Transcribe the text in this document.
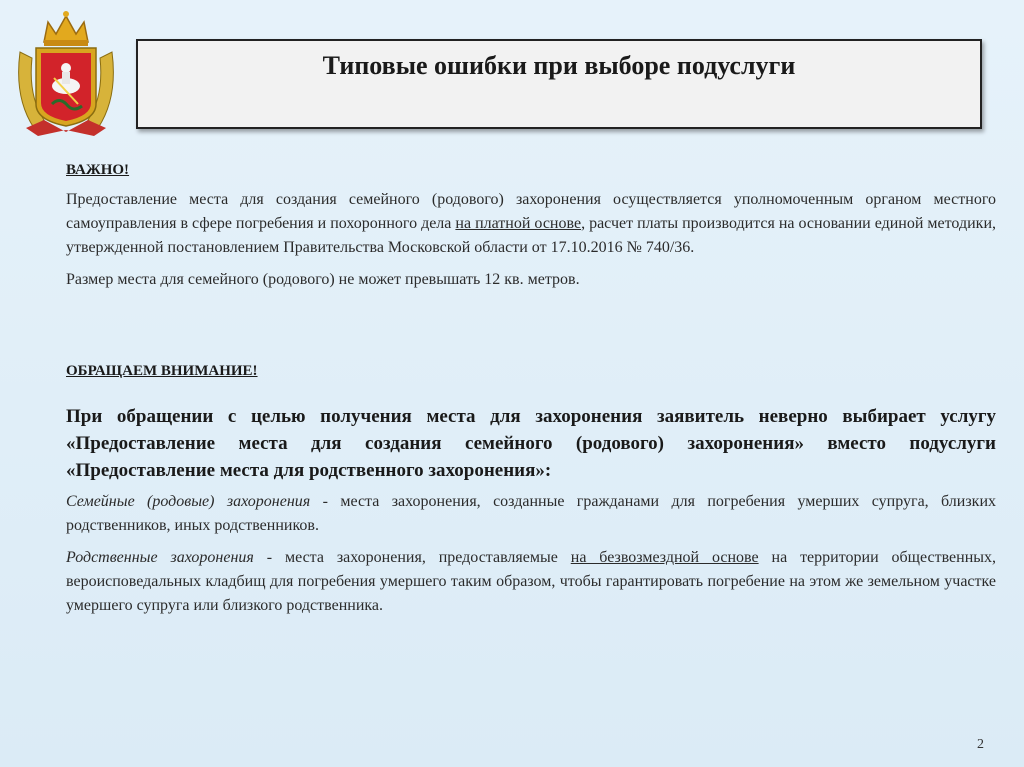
Типовые ошибки при выборе подуслуги
ВАЖНО!

Предоставление места для создания семейного (родового) захоронения осуществляется уполномоченным органом местного самоуправления в сфере погребения и похоронного дела на платной основе, расчет платы производится на основании единой методики, утвержденной постановлением Правительства Московской области от 17.10.2016 № 740/36.

Размер места для семейного (родового) не может превышать 12 кв. метров.

ОБРАЩАЕМ ВНИМАНИЕ!

При обращении с целью получения места для захоронения заявитель неверно выбирает услугу «Предоставление места для создания семейного (родового) захоронения» вместо подуслуги «Предоставление места для родственного захоронения»:

Семейные (родовые) захоронения - места захоронения, созданные гражданами для погребения умерших супруга, близких родственников, иных родственников.

Родственные захоронения - места захоронения, предоставляемые на безвозмездной основе на территории общественных, вероисповедальных кладбищ для погребения умершего таким образом, чтобы гарантировать погребение на этом же земельном участке умершего супруга или близкого родственника.

2
